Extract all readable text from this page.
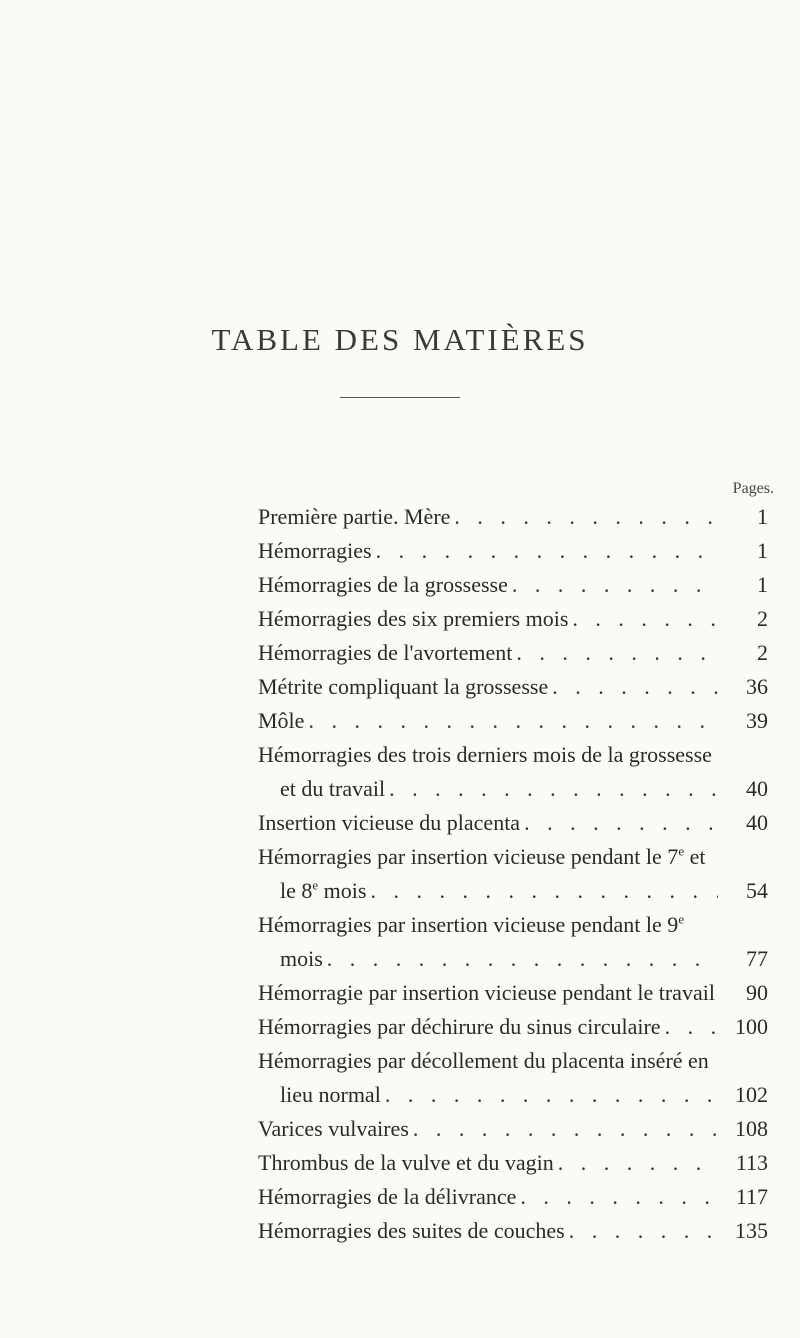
TABLE DES MATIÈRES
Pages.
Première partie. Mère . . .	1
Hémorragies . . .	1
Hémorragies de la grossesse . . .	1
Hémorragies des six premiers mois . . .	2
Hémorragies de l'avortement . . .	2
Métrite compliquant la grossesse . . .	36
Môle . . .	39
Hémorragies des trois derniers mois de la grossesse
et du travail . . .	40
Insertion vicieuse du placenta . . .	40
Hémorragies par insertion vicieuse pendant le 7e et
le 8e mois . . .	54
Hémorragies par insertion vicieuse pendant le 9e
mois . . .	77
Hémorragie par insertion vicieuse pendant le travail	90
Hémorragies par déchirure du sinus circulaire . . .	100
Hémorragies par décollement du placenta inséré en
lieu normal . . .	102
Varices vulvaires . . .	108
Thrombus de la vulve et du vagin . . .	113
Hémorragies de la délivrance . . .	117
Hémorragies des suites de couches . . .	135
